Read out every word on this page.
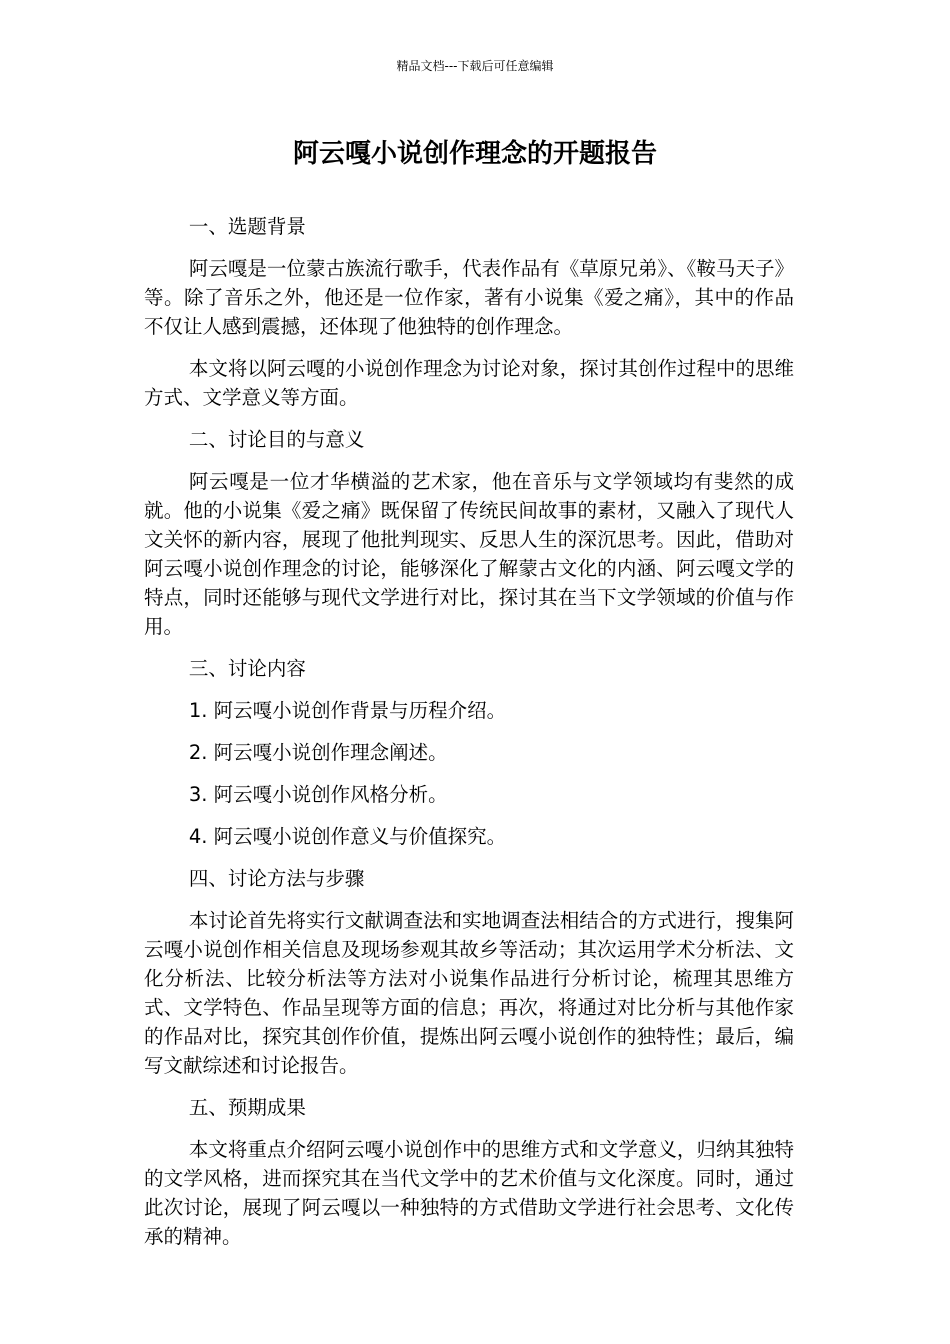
精品文档---下载后可任意编辑
阿云嘎小说创作理念的开题报告

一、选题背景

阿云嘎是一位蒙古族流行歌手，代表作品有《草原兄弟》、《鞍马天子》等。除了音乐之外，他还是一位作家，著有小说集《爱之痛》，其中的作品不仅让人感到震撼，还体现了他独特的创作理念。

本文将以阿云嘎的小说创作理念为讨论对象，探讨其创作过程中的思维方式、文学意义等方面。

二、讨论目的与意义

阿云嘎是一位才华横溢的艺术家，他在音乐与文学领域均有斐然的成就。他的小说集《爱之痛》既保留了传统民间故事的素材，又融入了现代人文关怀的新内容，展现了他批判现实、反思人生的深沉思考。因此，借助对阿云嘎小说创作理念的讨论，能够深化了解蒙古文化的内涵、阿云嘎文学的特点，同时还能够与现代文学进行对比，探讨其在当下文学领域的价值与作用。

三、讨论内容

1. 阿云嘎小说创作背景与历程介绍。

2. 阿云嘎小说创作理念阐述。

3. 阿云嘎小说创作风格分析。

4. 阿云嘎小说创作意义与价值探究。

四、讨论方法与步骤

本讨论首先将实行文献调查法和实地调查法相结合的方式进行，搜集阿云嘎小说创作相关信息及现场参观其故乡等活动；其次运用学术分析法、文化分析法、比较分析法等方法对小说集作品进行分析讨论，梳理其思维方式、文学特色、作品呈现等方面的信息；再次，将通过对比分析与其他作家的作品对比，探究其创作价值，提炼出阿云嘎小说创作的独特性；最后，编写文献综述和讨论报告。

五、预期成果

本文将重点介绍阿云嘎小说创作中的思维方式和文学意义，归纳其独特的文学风格，进而探究其在当代文学中的艺术价值与文化深度。同时，通过此次讨论，展现了阿云嘎以一种独特的方式借助文学进行社会思考、文化传承的精神。
